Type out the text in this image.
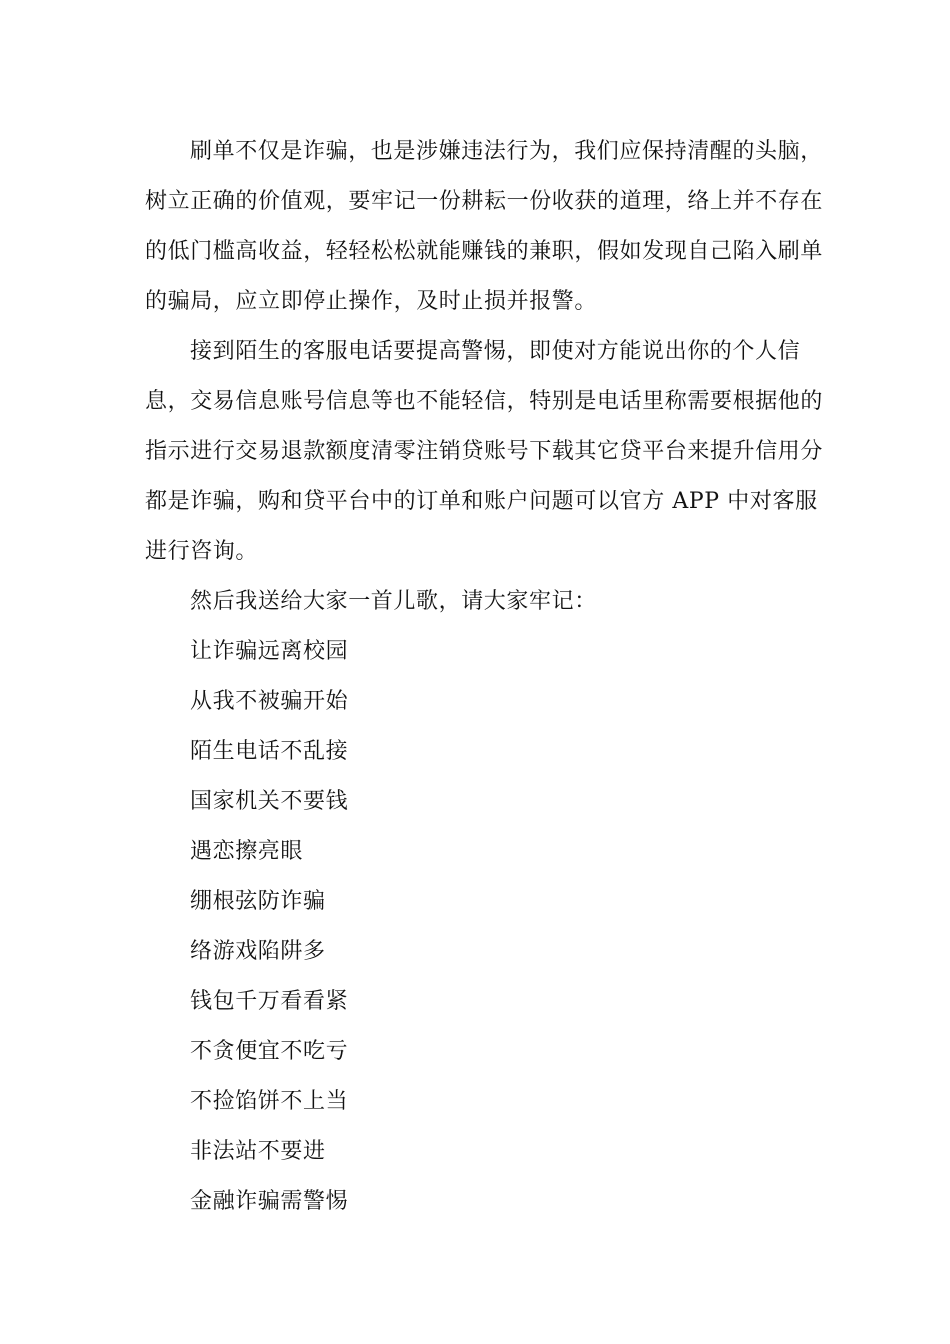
刷单不仅是诈骗，也是涉嫌违法行为，我们应保持清醒的头脑，树立正确的价值观，要牢记一份耕耘一份收获的道理，络上并不存在的低门槛高收益，轻轻松松就能赚钱的兼职，假如发现自己陷入刷单的骗局，应立即停止操作，及时止损并报警。

接到陌生的客服电话要提高警惕，即使对方能说出你的个人信息，交易信息账号信息等也不能轻信，特别是电话里称需要根据他的指示进行交易退款额度清零注销贷账号下载其它贷平台来提升信用分都是诈骗，购和贷平台中的订单和账户问题可以官方 APP 中对客服进行咨询。

然后我送给大家一首儿歌，请大家牢记：

让诈骗远离校园

从我不被骗开始

陌生电话不乱接

国家机关不要钱

遇恋擦亮眼

绷根弦防诈骗

络游戏陷阱多

钱包千万看看紧

不贪便宜不吃亏

不捡馅饼不上当

非法站不要进

金融诈骗需警惕
